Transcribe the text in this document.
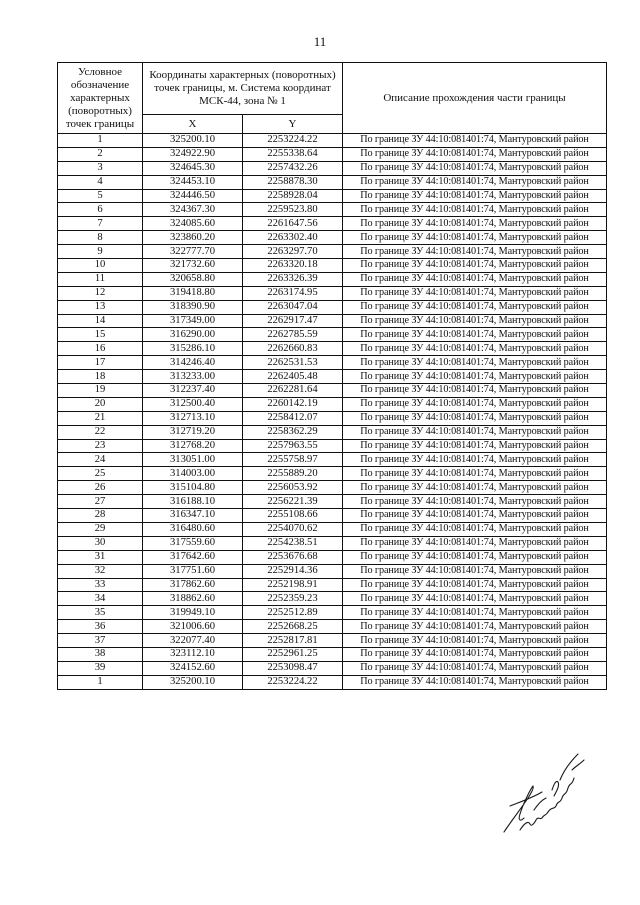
11
Условное обозначение характерных (поворотных) точек границы	Координаты характерных (поворотных) точек границы, м. Система координат МСК-44, зона № 1		Описание прохождения части границы
	X	Y	
1	325200.10	2253224.22	По границе ЗУ 44:10:081401:74, Мантуровский район
2	324922.90	2255338.64	По границе ЗУ 44:10:081401:74, Мантуровский район
3	324645.30	2257432.26	По границе ЗУ 44:10:081401:74, Мантуровский район
4	324453.10	2258878.30	По границе ЗУ 44:10:081401:74, Мантуровский район
5	324446.50	2258928.04	По границе ЗУ 44:10:081401:74, Мантуровский район
6	324367.30	2259523.80	По границе ЗУ 44:10:081401:74, Мантуровский район
7	324085.60	2261647.56	По границе ЗУ 44:10:081401:74, Мантуровский район
8	323860.20	2263302.40	По границе ЗУ 44:10:081401:74, Мантуровский район
9	322777.70	2263297.70	По границе ЗУ 44:10:081401:74, Мантуровский район
10	321732.60	2263320.18	По границе ЗУ 44:10:081401:74, Мантуровский район
11	320658.80	2263326.39	По границе ЗУ 44:10:081401:74, Мантуровский район
12	319418.80	2263174.95	По границе ЗУ 44:10:081401:74, Мантуровский район
13	318390.90	2263047.04	По границе ЗУ 44:10:081401:74, Мантуровский район
14	317349.00	2262917.47	По границе ЗУ 44:10:081401:74, Мантуровский район
15	316290.00	2262785.59	По границе ЗУ 44:10:081401:74, Мантуровский район
16	315286.10	2262660.83	По границе ЗУ 44:10:081401:74, Мантуровский район
17	314246.40	2262531.53	По границе ЗУ 44:10:081401:74, Мантуровский район
18	313233.00	2262405.48	По границе ЗУ 44:10:081401:74, Мантуровский район
19	312237.40	2262281.64	По границе ЗУ 44:10:081401:74, Мантуровский район
20	312500.40	2260142.19	По границе ЗУ 44:10:081401:74, Мантуровский район
21	312713.10	2258412.07	По границе ЗУ 44:10:081401:74, Мантуровский район
22	312719.20	2258362.29	По границе ЗУ 44:10:081401:74, Мантуровский район
23	312768.20	2257963.55	По границе ЗУ 44:10:081401:74, Мантуровский район
24	313051.00	2255758.97	По границе ЗУ 44:10:081401:74, Мантуровский район
25	314003.00	2255889.20	По границе ЗУ 44:10:081401:74, Мантуровский район
26	315104.80	2256053.92	По границе ЗУ 44:10:081401:74, Мантуровский район
27	316188.10	2256221.39	По границе ЗУ 44:10:081401:74, Мантуровский район
28	316347.10	2255108.66	По границе ЗУ 44:10:081401:74, Мантуровский район
29	316480.60	2254070.62	По границе ЗУ 44:10:081401:74, Мантуровский район
30	317559.60	2254238.51	По границе ЗУ 44:10:081401:74, Мантуровский район
31	317642.60	2253676.68	По границе ЗУ 44:10:081401:74, Мантуровский район
32	317751.60	2252914.36	По границе ЗУ 44:10:081401:74, Мантуровский район
33	317862.60	2252198.91	По границе ЗУ 44:10:081401:74, Мантуровский район
34	318862.60	2252359.23	По границе ЗУ 44:10:081401:74, Мантуровский район
35	319949.10	2252512.89	По границе ЗУ 44:10:081401:74, Мантуровский район
36	321006.60	2252668.25	По границе ЗУ 44:10:081401:74, Мантуровский район
37	322077.40	2252817.81	По границе ЗУ 44:10:081401:74, Мантуровский район
38	323112.10	2252961.25	По границе ЗУ 44:10:081401:74, Мантуровский район
39	324152.60	2253098.47	По границе ЗУ 44:10:081401:74, Мантуровский район
1	325200.10	2253224.22	По границе ЗУ 44:10:081401:74, Мантуровский район
